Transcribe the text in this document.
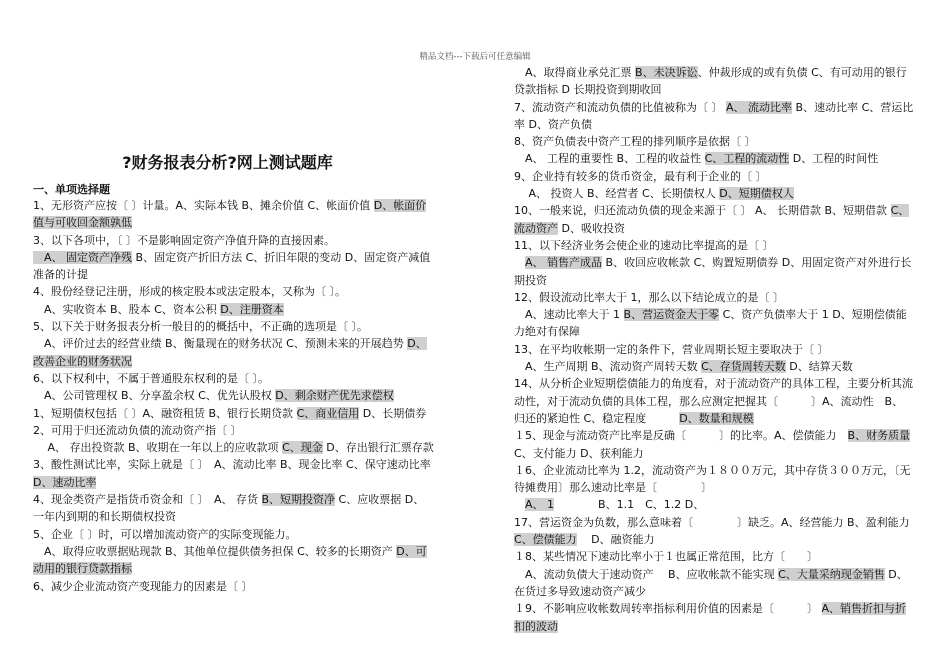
精品文档---下载后可任意编辑
?财务报表分析?网上测试题库
一、单项选择题

1、无形资产应按〔 〕计量。A、实际本钱 B、摊余价值 C、帐面价值 D、帐面价值与可收回金额孰低

3、以下各项中，〔 〕不是影响固定资产净值升降的直接因素。

　A、 固定资产净残 B、固定资产折旧方法 C、折旧年限的变动 D、固定资产减值准备的计提

4、股份经登记注册，形成的核定股本或法定股本，又称为〔 〕。

　A、实收资本 B、股本 C、资本公积 D、注册资本

5、以下关于财务报表分析一般目的的概括中，不正确的选项是〔 〕。

　A、评价过去的经营业绩 B、衡量现在的财务状况 C、预测未来的开展趋势 D、改善企业的财务状况

6、以下权利中，不属于普通股东权利的是〔 〕。

　A、公司管理权 B、分享盈余权 C、优先认股权 D、剩余财产优先求偿权

1、短期债权包括〔 〕A、融资租赁 B、银行长期贷款 C、商业信用 D、长期债券

2、可用于归还流动负债的流动资产指〔 〕

　 A、 存出投资款 B、收期在一年以上的应收款项 C、现金 D、存出银行汇票存款

3、酸性测试比率，实际上就是〔 〕　A、流动比率 B、现金比率 C、保守速动比率 D、速动比率

4、现金类资产是指货币资金和〔 〕　A、 存货 B、短期投资净 C、应收票据 D、一年内到期的和长期债权投资

5、企业〔 〕时，可以增加流动资产的实际变现能力。

　A、取得应收票据贴现款 B、其他单位提供债务担保 C、较多的长期资产 D、可动用的银行贷款指标

6、减少企业流动资产变现能力的因素是〔 〕

　A、取得商业承兑汇票 B、未决诉讼、仲裁形成的或有负债 C、有可动用的银行贷款指标 D 长期投资到期收回

7、流动资产和流动负债的比值被称为〔 〕 A、 流动比率 B、速动比率 C、营运比率 D、资产负债

8、资产负债表中资产工程的排列顺序是依据〔 〕

　A、 工程的重要性 B、工程的收益性 C、工程的流动性 D、工程的时间性

9、企业持有较多的货币资金，最有利于企业的〔 〕

　 A、 投资人 B、经营者 C、长期债权人 D、短期债权人

10、一般来说，归还流动负债的现金来源于〔 〕 A、 长期借款 B、短期借款 C、流动资产 D、吸收投资

11、以下经济业务会使企业的速动比率提高的是〔 〕

　A、 销售产成品 B、收回应收帐款 C、购置短期债券 D、用固定资产对外进行长期投资

12、假设流动比率大于 1，那么以下结论成立的是〔 〕

　A、速动比率大于 1 B、营运资金大于零 C、资产负债率大于 1 D、短期偿债能力绝对有保障

13、在平均收帐期一定的条件下，营业周期长短主要取决于〔 〕

　A、生产周期 B、流动资产周转天数 C、存货周转天数 D、结算天数

14、从分析企业短期偿债能力的角度看，对于流动资产的具体工程，主要分析其流动性，对于流动负债的具体工程，那么应测定把握其〔　　　〕A、流动性　B、归还的紧迫性 C、稳定程度　　　D、数量和规模

１5、现金与流动资产比率是反确〔　　　〕的比率。A、偿债能力　B、财务质量 C、支付能力 D、获利能力

１6、企业流动比率为 1.2，流动资产为１８００万元，其中存货３００万元，〔无待摊费用〕那么速动比率是〔　　　　〕

　A、 1　　　　B、1.1　C、1.2 D、

17、营运资金为负数，那么意味着〔　　　　〕缺乏。A、经营能力 B、盈利能力 C、偿债能力　 D、融资能力

１8、某些情况下速动比率小于１也属正常范围，比方〔　　〕

　A、流动负债大于速动资产　 B、应收帐款不能实现 C、大量采纳现金销售 D、在货过多导致速动资产减少

１9、不影响应收帐数周转率指标利用价值的因素是〔　　　〕 A、销售折扣与折扣的波动
